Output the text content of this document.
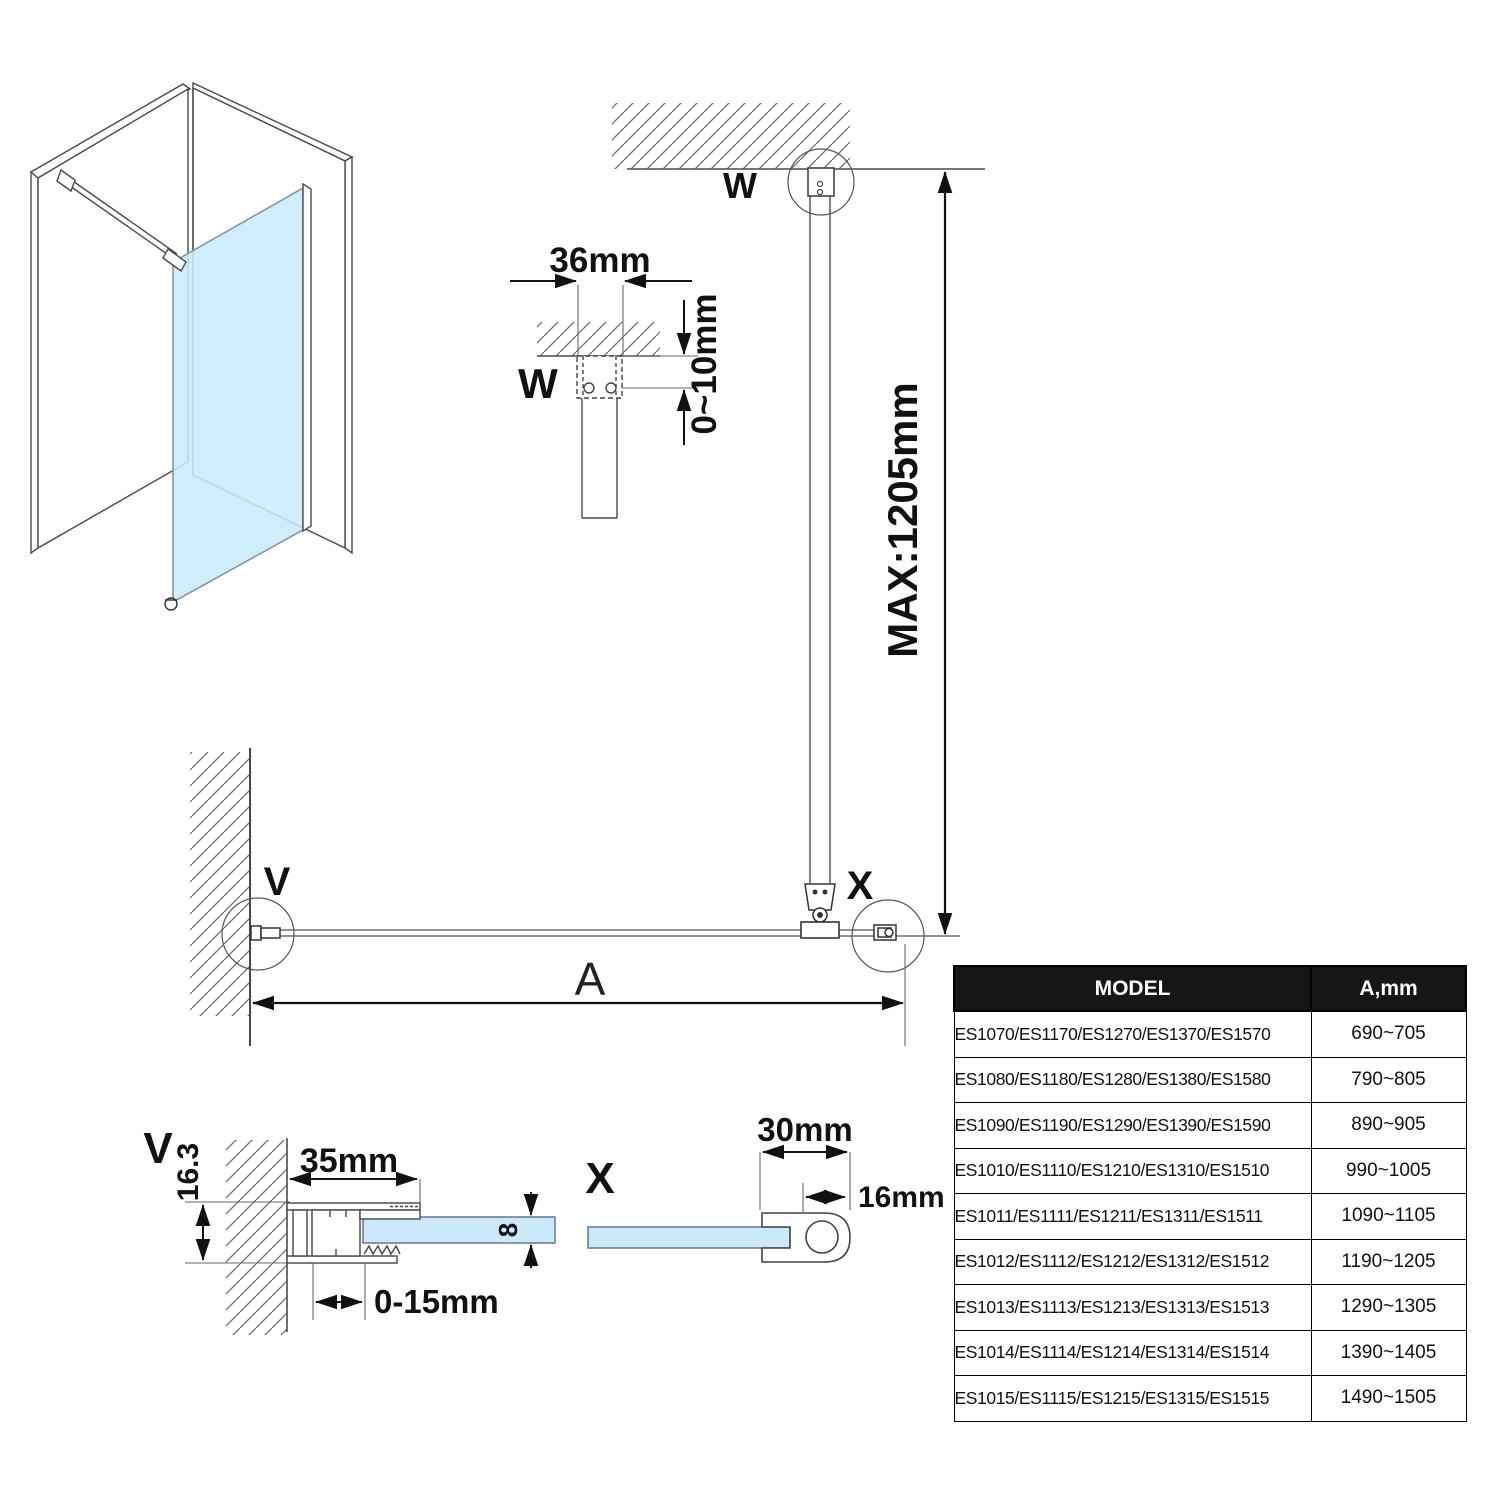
36mm
W	0~10mm
W
MAX:1205mm
V	X
A
V 16.3	35mm
8
0-15mm
X
30mm
16mm
MODEL	A,mm
ES1070/ES1170/ES1270/ES1370/ES1570	690~705
ES1080/ES1180/ES1280/ES1380/ES1580	790~805
ES1090/ES1190/ES1290/ES1390/ES1590	890~905
ES1010/ES1110/ES1210/ES1310/ES1510	990~1005
ES1011/ES1111/ES1211/ES1311/ES1511	1090~1105
ES1012/ES1112/ES1212/ES1312/ES1512	1190~1205
ES1013/ES1113/ES1213/ES1313/ES1513	1290~1305
ES1014/ES1114/ES1214/ES1314/ES1514	1390~1405
ES1015/ES1115/ES1215/ES1315/ES1515	1490~1505
